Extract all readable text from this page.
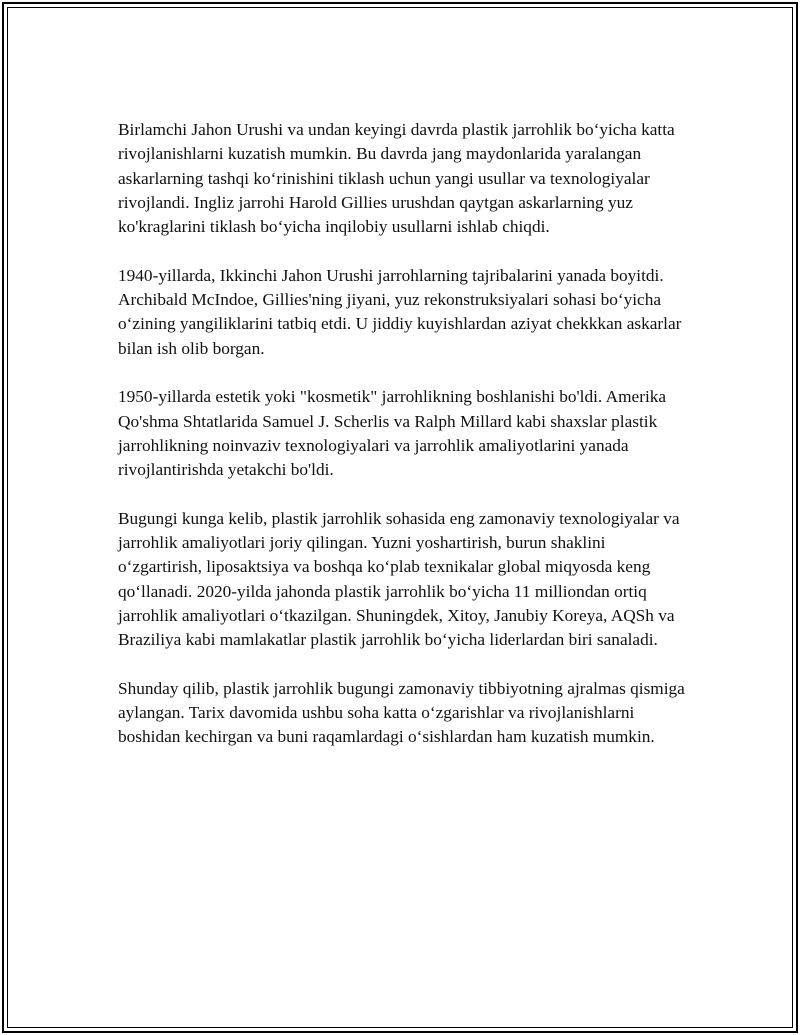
Birlamchi Jahon Urushi va undan keyingi davrda plastik jarrohlik bo‘yicha katta rivojlanishlarni kuzatish mumkin. Bu davrda jang maydonlarida yaralangan askarlarning tashqi ko‘rinishini tiklash uchun yangi usullar va texnologiyalar rivojlandi. Ingliz jarrohi Harold Gillies urushdan qaytgan askarlarning yuz ko'kraglarini tiklash bo‘yicha inqilobiy usullarni ishlab chiqdi.

1940-yillarda, Ikkinchi Jahon Urushi jarrohlarning tajribalarini yanada boyitdi. Archibald McIndoe, Gillies'ning jiyani, yuz rekonstruksiyalari sohasi bo‘yicha o‘zining yangiliklarini tatbiq etdi. U jiddiy kuyishlardan aziyat chekkkan askarlar bilan ish olib borgan.

1950-yillarda estetik yoki "kosmetik" jarrohlikning boshlanishi bo'ldi. Amerika Qo'shma Shtatlarida Samuel J. Scherlis va Ralph Millard kabi shaxslar plastik jarrohlikning noinvaziv texnologiyalari va jarrohlik amaliyotlarini yanada rivojlantirishda yetakchi bo'ldi.

Bugungi kunga kelib, plastik jarrohlik sohasida eng zamonaviy texnologiyalar va jarrohlik amaliyotlari joriy qilingan. Yuzni yoshartirish, burun shaklini o‘zgartirish, liposaktsiya va boshqa ko‘plab texnikalar global miqyosda keng qo‘llanadi. 2020-yilda jahonda plastik jarrohlik bo‘yicha 11 milliondan ortiq jarrohlik amaliyotlari o‘tkazilgan. Shuningdek, Xitoy, Janubiy Koreya, AQSh va Braziliya kabi mamlakatlar plastik jarrohlik bo‘yicha liderlardan biri sanaladi.

Shunday qilib, plastik jarrohlik bugungi zamonaviy tibbiyotning ajralmas qismiga aylangan. Tarix davomida ushbu soha katta o‘zgarishlar va rivojlanishlarni boshidan kechirgan va buni raqamlardagi o‘sishlardan ham kuzatish mumkin.
